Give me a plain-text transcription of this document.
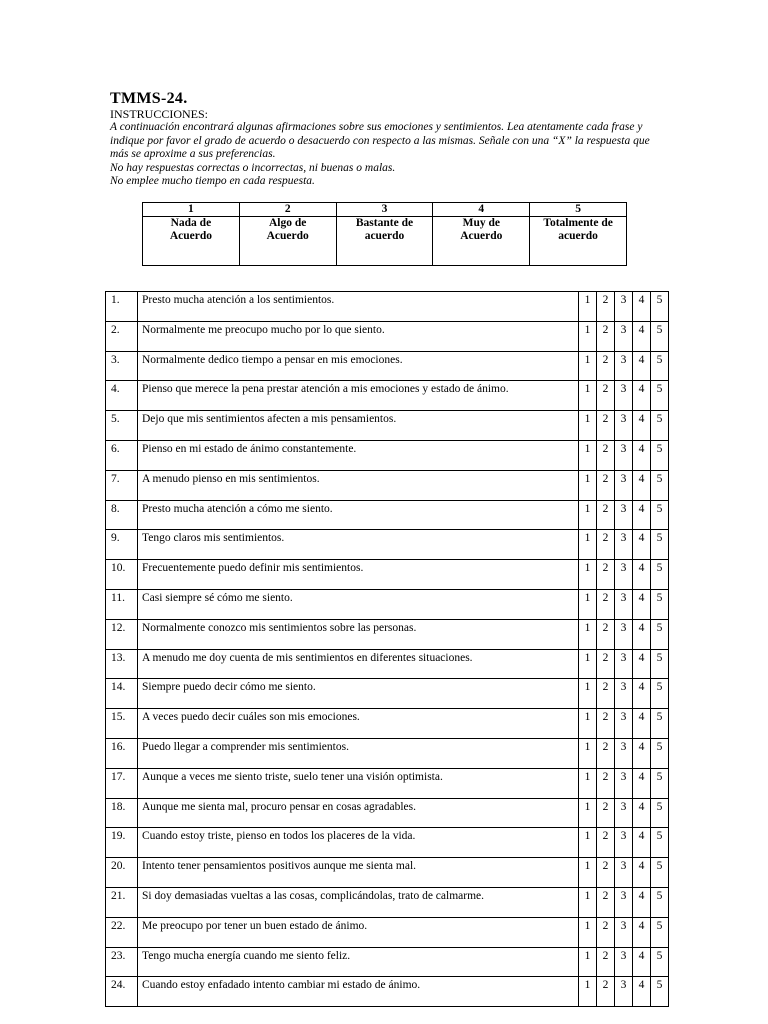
TMMS-24.
INSTRUCCIONES:

A continuación encontrará algunas afirmaciones sobre sus emociones y sentimientos. Lea atentamente cada frase y

indique por favor el grado de acuerdo o desacuerdo con respecto a las mismas. Señale con una “X” la respuesta que

más se aproxime a sus preferencias.

No hay respuestas correctas o incorrectas, ni buenas o malas.

No emplee mucho tiempo en cada respuesta.

1	2	3	4	5
Nada de
Acuerdo	Algo de
Acuerdo	Bastante de
acuerdo	Muy de
Acuerdo	Totalmente de
acuerdo
1.	Presto mucha atención a los sentimientos.	1	2	3	4	5
2.	Normalmente me preocupo mucho por lo que siento.	1	2	3	4	5
3.	Normalmente dedico tiempo a pensar en mis emociones.	1	2	3	4	5
4.	Pienso que merece la pena prestar atención a mis emociones y estado de ánimo.	1	2	3	4	5
5.	Dejo que mis sentimientos afecten a mis pensamientos.	1	2	3	4	5
6.	Pienso en mi estado de ánimo constantemente.	1	2	3	4	5
7.	A menudo pienso en mis sentimientos.	1	2	3	4	5
8.	Presto mucha atención a cómo me siento.	1	2	3	4	5
9.	Tengo claros mis sentimientos.	1	2	3	4	5
10.	Frecuentemente puedo definir mis sentimientos.	1	2	3	4	5
11.	Casi siempre sé cómo me siento.	1	2	3	4	5
12.	Normalmente conozco mis sentimientos sobre las personas.	1	2	3	4	5
13.	A menudo me doy cuenta de mis sentimientos en diferentes situaciones.	1	2	3	4	5
14.	Siempre puedo decir cómo me siento.	1	2	3	4	5
15.	A veces puedo decir cuáles son mis emociones.	1	2	3	4	5
16.	Puedo llegar a comprender mis sentimientos.	1	2	3	4	5
17.	Aunque a veces me siento triste, suelo tener una visión optimista.	1	2	3	4	5
18.	Aunque me sienta mal, procuro pensar en cosas agradables.	1	2	3	4	5
19.	Cuando estoy triste, pienso en todos los placeres de la vida.	1	2	3	4	5
20.	Intento tener pensamientos positivos aunque me sienta mal.	1	2	3	4	5
21.	Si doy demasiadas vueltas a las cosas, complicándolas, trato de calmarme.	1	2	3	4	5
22.	Me preocupo por tener un buen estado de ánimo.	1	2	3	4	5
23.	Tengo mucha energía cuando me siento feliz.	1	2	3	4	5
24.	Cuando estoy enfadado intento cambiar mi estado de ánimo.	1	2	3	4	5
